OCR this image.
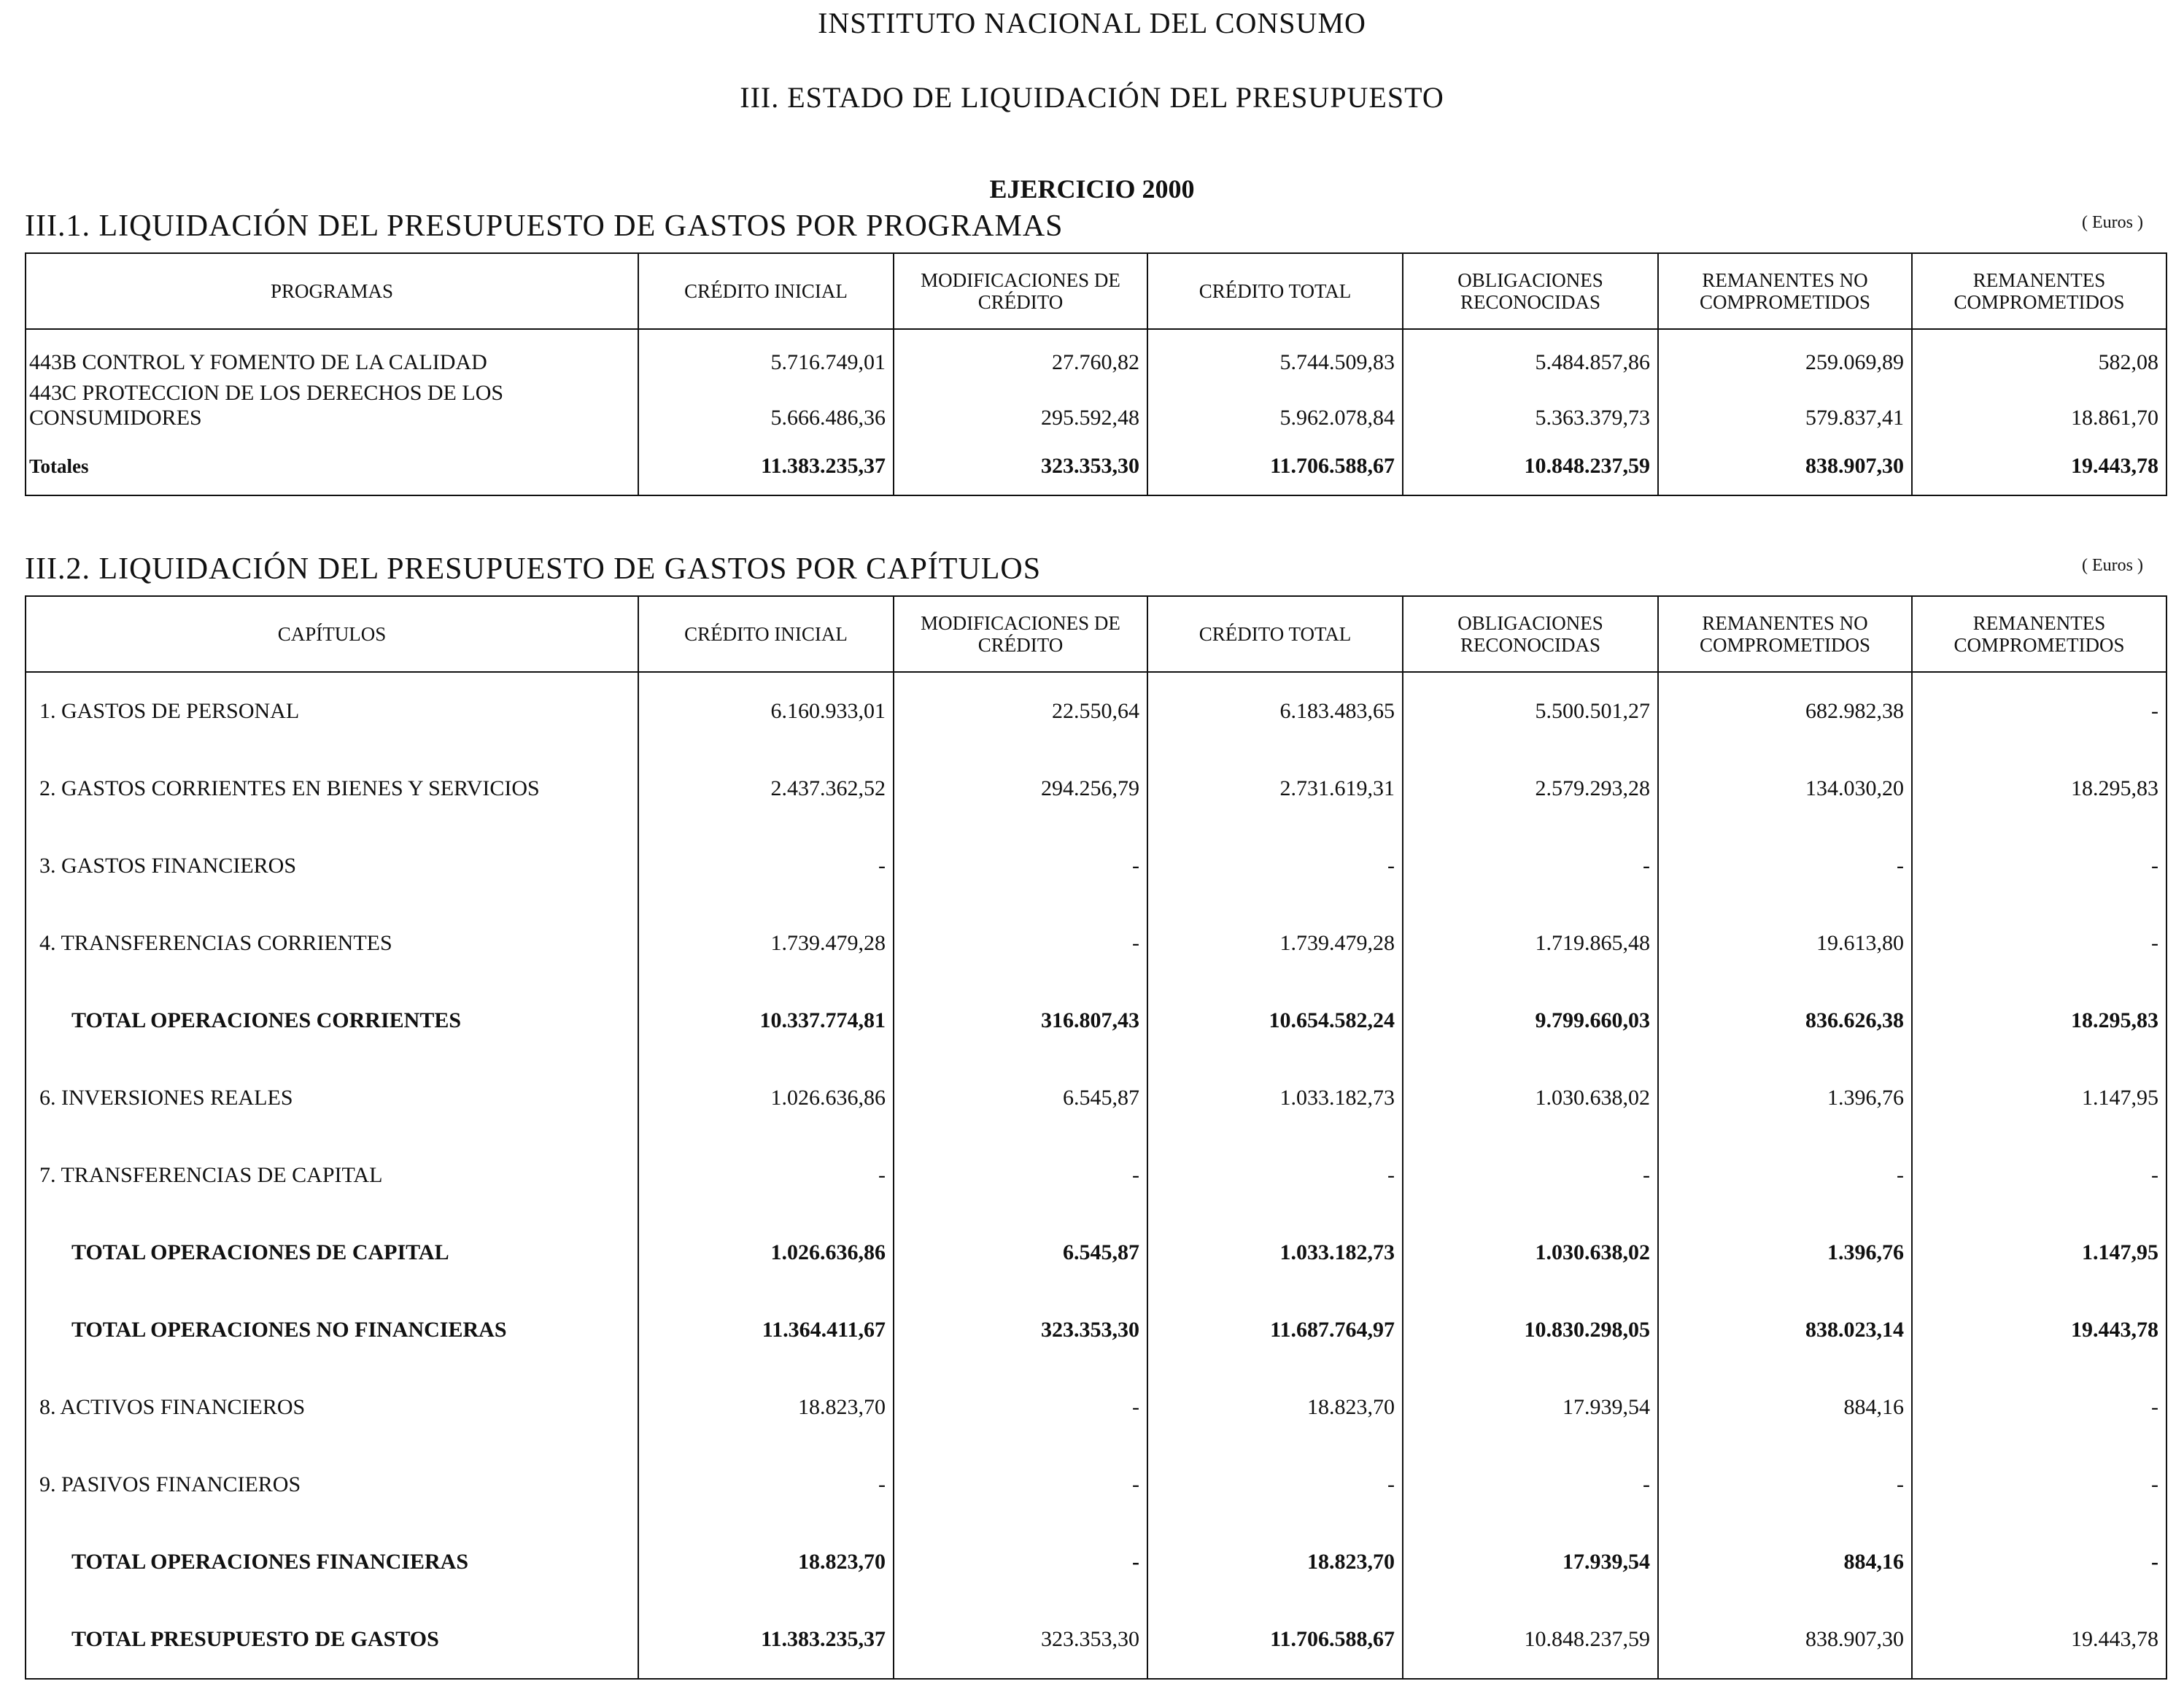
INSTITUTO NACIONAL DEL CONSUMO
III. ESTADO DE LIQUIDACIÓN DEL PRESUPUESTO
EJERCICIO 2000
III.1. LIQUIDACIÓN DEL PRESUPUESTO DE GASTOS POR PROGRAMAS	( Euros )
PROGRAMAS	CRÉDITO INICIAL	MODIFICACIONES DE CRÉDITO	CRÉDITO TOTAL	OBLIGACIONES RECONOCIDAS	REMANENTES NO COMPROMETIDOS	REMANENTES COMPROMETIDOS
443B CONTROL Y FOMENTO DE LA CALIDAD	5.716.749,01	27.760,82	5.744.509,83	5.484.857,86	259.069,89	582,08
443C PROTECCION DE LOS DERECHOS DE LOS CONSUMIDORES	5.666.486,36	295.592,48	5.962.078,84	5.363.379,73	579.837,41	18.861,70
Totales	11.383.235,37	323.353,30	11.706.588,67	10.848.237,59	838.907,30	19.443,78

III.2. LIQUIDACIÓN DEL PRESUPUESTO DE GASTOS POR CAPÍTULOS	( Euros )
CAPÍTULOS	CRÉDITO INICIAL	MODIFICACIONES DE CRÉDITO	CRÉDITO TOTAL	OBLIGACIONES RECONOCIDAS	REMANENTES NO COMPROMETIDOS	REMANENTES COMPROMETIDOS
1. GASTOS DE PERSONAL	6.160.933,01	22.550,64	6.183.483,65	5.500.501,27	682.982,38	-
2. GASTOS CORRIENTES EN BIENES Y SERVICIOS	2.437.362,52	294.256,79	2.731.619,31	2.579.293,28	134.030,20	18.295,83
3. GASTOS FINANCIEROS	-	-	-	-	-	-
4. TRANSFERENCIAS CORRIENTES	1.739.479,28	-	1.739.479,28	1.719.865,48	19.613,80	-
TOTAL OPERACIONES CORRIENTES	10.337.774,81	316.807,43	10.654.582,24	9.799.660,03	836.626,38	18.295,83
6. INVERSIONES REALES	1.026.636,86	6.545,87	1.033.182,73	1.030.638,02	1.396,76	1.147,95
7. TRANSFERENCIAS DE CAPITAL	-	-	-	-	-	-
TOTAL OPERACIONES DE CAPITAL	1.026.636,86	6.545,87	1.033.182,73	1.030.638,02	1.396,76	1.147,95
TOTAL OPERACIONES NO FINANCIERAS	11.364.411,67	323.353,30	11.687.764,97	10.830.298,05	838.023,14	19.443,78
8. ACTIVOS FINANCIEROS	18.823,70	-	18.823,70	17.939,54	884,16	-
9. PASIVOS FINANCIEROS	-	-	-	-	-	-
TOTAL OPERACIONES FINANCIERAS	18.823,70	-	18.823,70	17.939,54	884,16	-
TOTAL PRESUPUESTO DE GASTOS	11.383.235,37	323.353,30	11.706.588,67	10.848.237,59	838.907,30	19.443,78
